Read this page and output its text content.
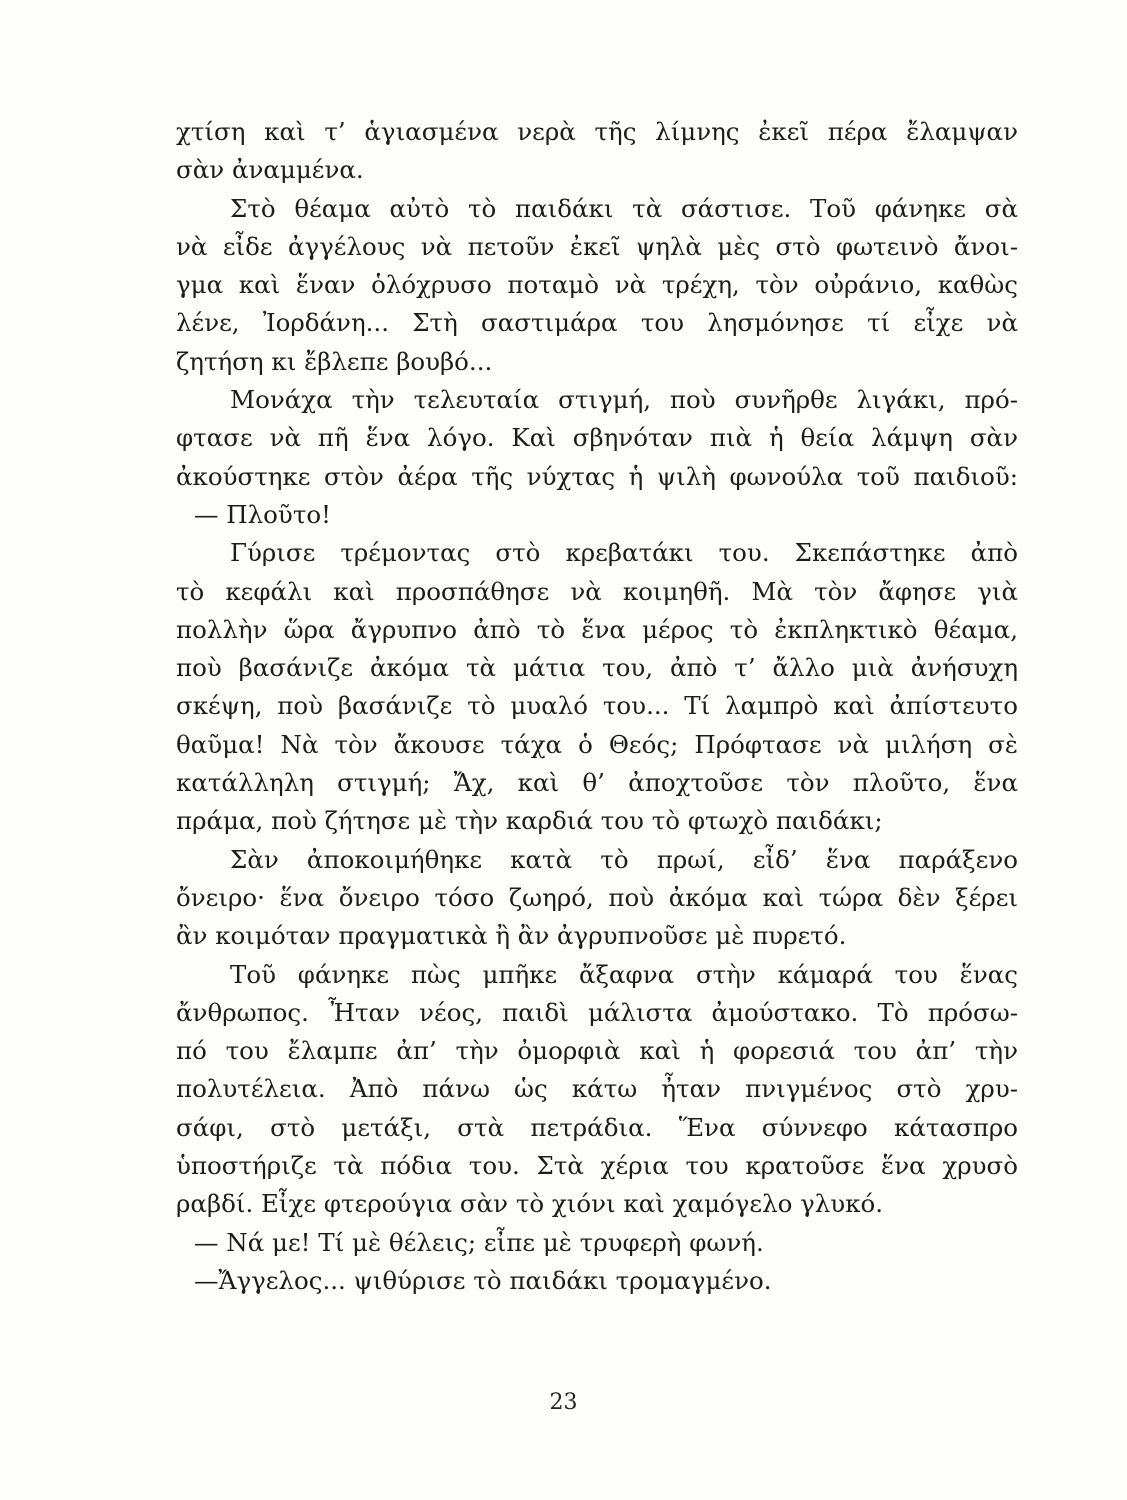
χτίση καὶ τ’ ἁγιασμένα νερὰ τῆς λίμνης ἐκεῖ πέρα ἔλαμψαν
σὰν ἀναμμένα.
Στὸ θέαμα αὐτὸ τὸ παιδάκι τὰ σάστισε. Τοῦ φάνηκε σὰ
νὰ εἶδε ἀγγέλους νὰ πετοῦν ἐκεῖ ψηλὰ μὲς στὸ φωτεινὸ ἄνοι-
γμα καὶ ἕναν ὁλόχρυσο ποταμὸ νὰ τρέχη, τὸν οὐράνιο, καθὼς
λένε, Ἰορδάνη... Στὴ σαστιμάρα του λησμόνησε τί εἶχε νὰ
ζητήση κι ἔβλεπε βουβό...
Μονάχα τὴν τελευταία στιγμή, ποὺ συνῆρθε λιγάκι, πρό-
φτασε νὰ πῆ ἕνα λόγο. Καὶ σβηνόταν πιὰ ἡ θεία λάμψη σὰν
ἀκούστηκε στὸν ἀέρα τῆς νύχτας ἡ ψιλὴ φωνούλα τοῦ παιδιοῦ:
— Πλοῦτο!
Γύρισε τρέμοντας στὸ κρεβατάκι του. Σκεπάστηκε ἀπὸ
τὸ κεφάλι καὶ προσπάθησε νὰ κοιμηθῆ. Μὰ τὸν ἄφησε γιὰ
πολλὴν ὥρα ἄγρυπνο ἀπὸ τὸ ἕνα μέρος τὸ ἐκπληκτικὸ θέαμα,
ποὺ βασάνιζε ἀκόμα τὰ μάτια του, ἀπὸ τ’ ἄλλο μιὰ ἀνήσυχη
σκέψη, ποὺ βασάνιζε τὸ μυαλό του... Τί λαμπρὸ καὶ ἀπίστευτο
θαῦμα! Νὰ τὸν ἄκουσε τάχα ὁ Θεός; Πρόφτασε νὰ μιλήση σὲ
κατάλληλη στιγμή; Ἄχ, καὶ θ’ ἀποχτοῦσε τὸν πλοῦτο, ἕνα
πράμα, ποὺ ζήτησε μὲ τὴν καρδιά του τὸ φτωχὸ παιδάκι;
Σὰν ἀποκοιμήθηκε κατὰ τὸ πρωί, εἶδ’ ἕνα παράξενο
ὄνειρο· ἕνα ὄνειρο τόσο ζωηρό, ποὺ ἀκόμα καὶ τώρα δὲν ξέρει
ἂν κοιμόταν πραγματικὰ ἢ ἂν ἀγρυπνοῦσε μὲ πυρετό.
Τοῦ φάνηκε πὼς μπῆκε ἄξαφνα στὴν κάμαρά του ἕνας
ἄνθρωπος. Ἦταν νέος, παιδὶ μάλιστα ἀμούστακο. Τὸ πρόσω-
πό του ἔλαμπε ἀπ’ τὴν ὀμορφιὰ καὶ ἡ φορεσιά του ἀπ’ τὴν
πολυτέλεια. Ἀπὸ πάνω ὡς κάτω ἦταν πνιγμένος στὸ χρυ-
σάφι, στὸ μετάξι, στὰ πετράδια. Ἕνα σύννεφο κάτασπρο
ὑποστήριζε τὰ πόδια του. Στὰ χέρια του κρατοῦσε ἕνα χρυσὸ
ραβδί. Εἶχε φτερούγια σὰν τὸ χιόνι καὶ χαμόγελο γλυκό.
— Νά με! Τί μὲ θέλεις; εἶπε μὲ τρυφερὴ φωνή.
—Ἄγγελος... ψιθύρισε τὸ παιδάκι τρομαγμένο.
23
